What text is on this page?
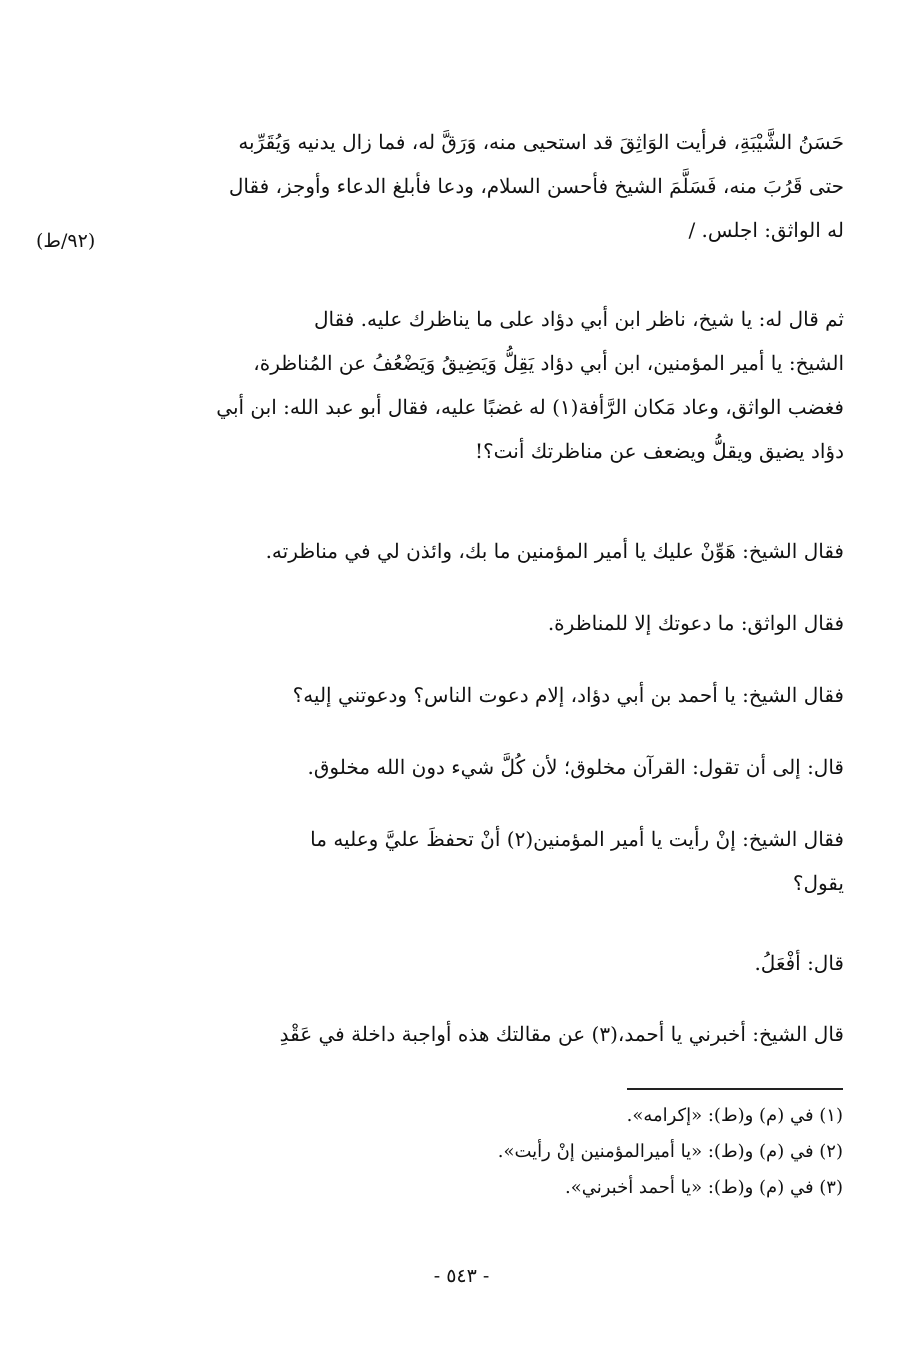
(٩٢/ط)

حَسَنُ الشَّيْبَةِ، فرأيت الوَاثِقَ قد استحيى منه، وَرَقَّ له، فما زال يدنيه وَيُقَرِّبه
حتى قَرُبَ منه، فَسَلَّمَ الشيخ فأحسن السلام، ودعا فأبلغ الدعاء وأوجز، فقال
له الواثق: اجلس. /

ثم قال له: يا شيخ، ناظر ابن أبي دؤاد على ما يناظرك عليه. فقال
الشيخ: يا أمير المؤمنين، ابن أبي دؤاد يَقِلُّ وَيَضِيقُ وَيَضْعُفُ عن المُناظرة،
فغضب الواثق، وعاد مَكان الرَّأفة(١) له غضبًا عليه، فقال أبو عبد الله: ابن أبي
دؤاد يضيق ويقلُّ ويضعف عن مناظرتك أنت؟!

فقال الشيخ: هَوِّنْ عليك يا أمير المؤمنين ما بك، وائذن لي في مناظرته.

فقال الواثق: ما دعوتك إلا للمناظرة.

فقال الشيخ: يا أحمد بن أبي دؤاد، إلام دعوت الناس؟ ودعوتني إليه؟

قال: إلى أن تقول: القرآن مخلوق؛ لأن كُلَّ شيء دون الله مخلوق.

فقال الشيخ: إنْ رأيت يا أمير المؤمنين(٢) أنْ تحفظَ عليَّ وعليه ما
يقول؟

قال: أفْعَلُ.

قال الشيخ: أخبرني يا أحمد،(٣) عن مقالتك هذه أواجبة داخلة في عَقْدِ

(١) في (م) و(ط): «إكرامه».
(٢) في (م) و(ط): «يا أميرالمؤمنين إنْ رأيت».
(٣) في (م) و(ط): «يا أحمد أخبرني».
- ٥٤٣ -
